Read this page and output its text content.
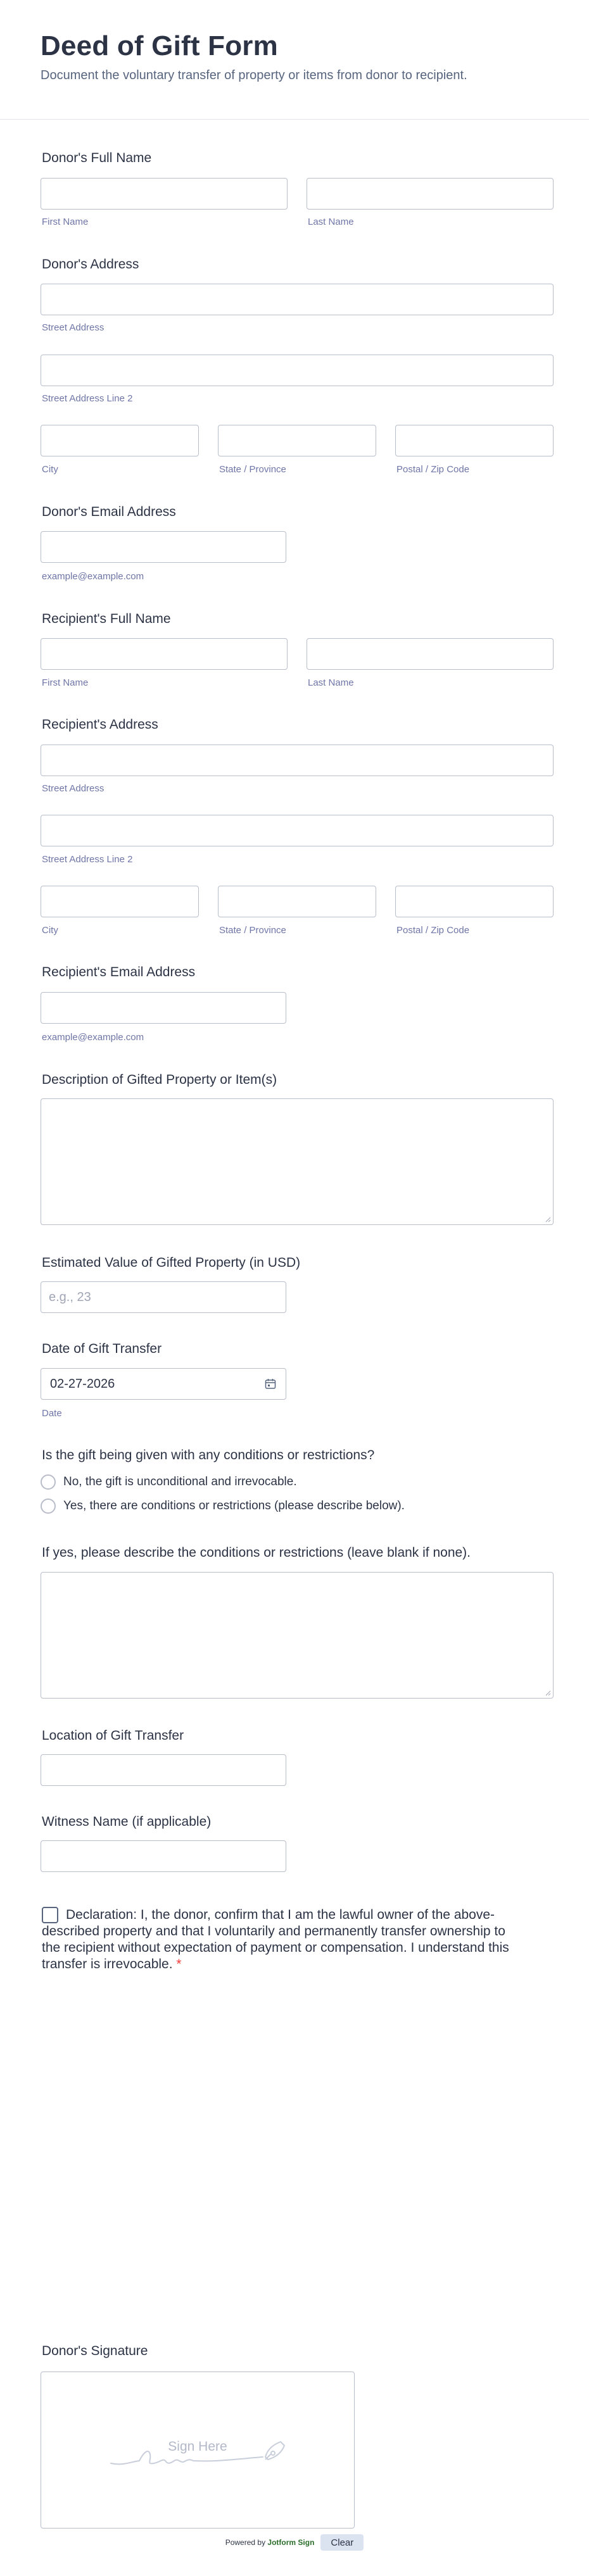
Deed of Gift Form
Document the voluntary transfer of property or items from donor to recipient.
Donor's Full Name
First Name	Last Name
Donor's Address
Street Address
Street Address Line 2
City	State / Province	Postal / Zip Code
Donor's Email Address
example@example.com
Recipient's Full Name
First Name	Last Name
Recipient's Address
Street Address
Street Address Line 2
City	State / Province	Postal / Zip Code
Recipient's Email Address
example@example.com
Description of Gifted Property or Item(s)
Estimated Value of Gifted Property (in USD)
e.g., 23
Date of Gift Transfer
02-27-2026
Date
Is the gift being given with any conditions or restrictions?
No, the gift is unconditional and irrevocable.
Yes, there are conditions or restrictions (please describe below).
If yes, please describe the conditions or restrictions (leave blank if none).
Location of Gift Transfer
Witness Name (if applicable)
Declaration: I, the donor, confirm that I am the lawful owner of the above-described property and that I voluntarily and permanently transfer ownership to the recipient without expectation of payment or compensation. I understand this transfer is irrevocable. *
Donor's Signature
Sign Here
Powered by Jotform Sign	Clear
